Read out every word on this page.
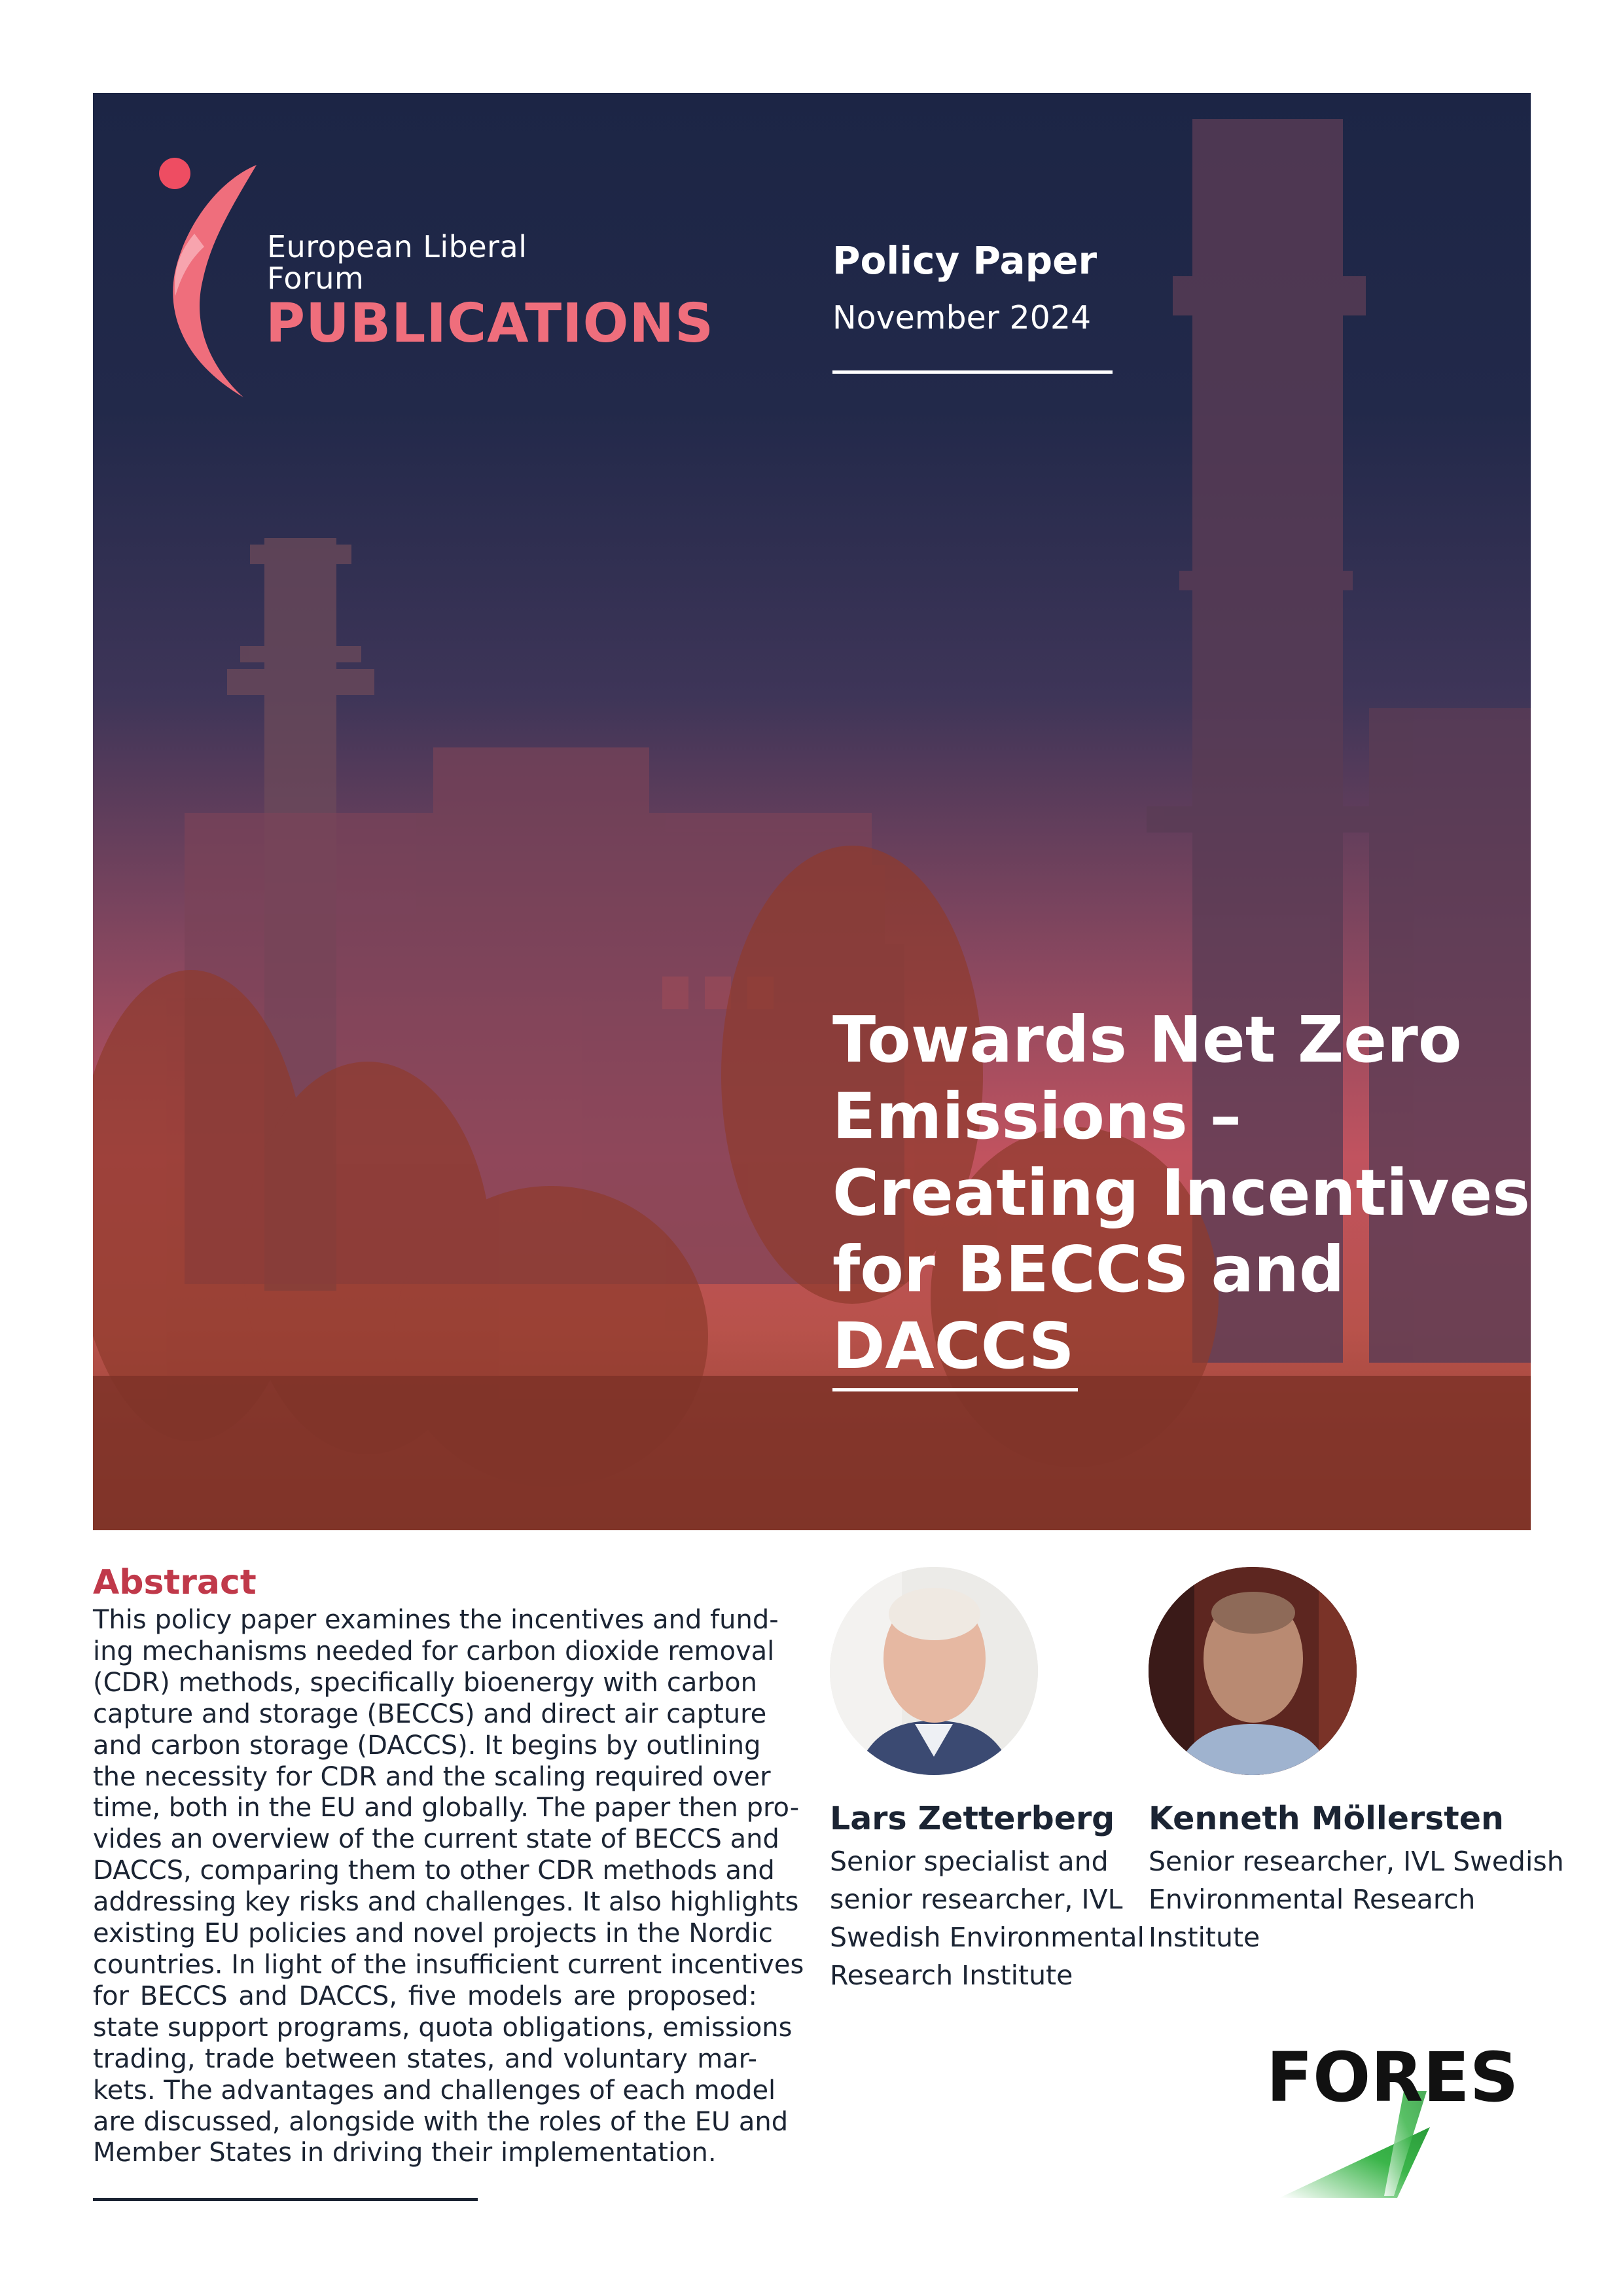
European Liberal
Forum
PUBLICATIONS
Policy Paper
November 2024
Towards Net Zero
Emissions –
Creating Incentives
for BECCS and
DACCS
Abstract
This policy paper examines the incentives and fund-
ing mechanisms needed for carbon dioxide removal
(CDR) methods, specifically bioenergy with carbon
capture and storage (BECCS) and direct air capture
and carbon storage (DACCS). It begins by outlining
the necessity for CDR and the scaling required over
time, both in the EU and globally. The paper then pro-
vides an overview of the current state of BECCS and
DACCS, comparing them to other CDR methods and
addressing key risks and challenges. It also highlights
existing EU policies and novel projects in the Nordic
countries. In light of the insufficient current incentives
for BECCS and DACCS, five models are proposed:
state support programs, quota obligations, emissions
trading, trade between states, and voluntary mar-
kets. The advantages and challenges of each model
are discussed, alongside with the roles of the EU and
Member States in driving their implementation.
Lars Zetterberg
Senior specialist and
senior researcher, IVL
Swedish Environmental
Research Institute
Kenneth Möllersten
Senior researcher, IVL Swedish
Environmental Research
Institute
FORES
